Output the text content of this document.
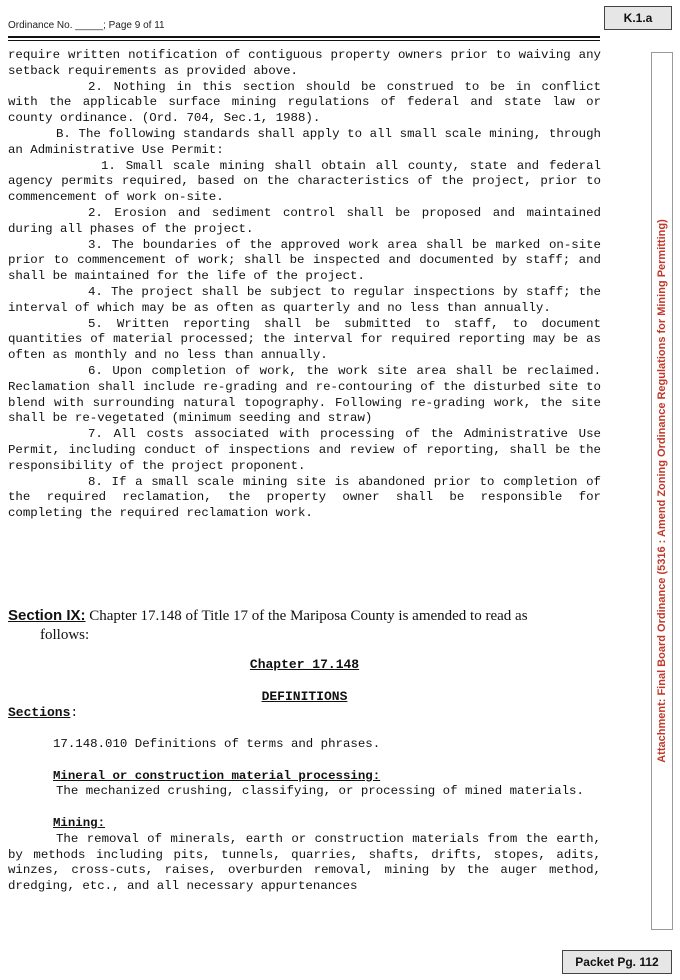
Ordinance No. _____; Page 9 of 11
K.1.a
Attachment: Final Board Ordinance (5316 : Amend Zoning Ordinance Regulations for Mining Permitting)

require written notification of contiguous property owners prior to waiving any setback requirements as provided above.

2. Nothing in this section should be construed to be in conflict with the applicable surface mining regulations of federal and state law or county ordinance. (Ord. 704, Sec.1, 1988).

B. The following standards shall apply to all small scale mining, through an Administrative Use Permit:

1. Small scale mining shall obtain all county, state and federal agency permits required, based on the characteristics of the project, prior to commencement of work on-site.

2. Erosion and sediment control shall be proposed and maintained during all phases of the project.

3. The boundaries of the approved work area shall be marked on-site prior to commencement of work; shall be inspected and documented by staff; and shall be maintained for the life of the project.

4. The project shall be subject to regular inspections by staff; the interval of which may be as often as quarterly and no less than annually.

5. Written reporting shall be submitted to staff, to document quantities of material processed; the interval for required reporting may be as often as monthly and no less than annually.

6. Upon completion of work, the work site area shall be reclaimed. Reclamation shall include re-grading and re-contouring of the disturbed site to blend with surrounding natural topography. Following re-grading work, the site shall be re-vegetated (minimum seeding and straw)

7. All costs associated with processing of the Administrative Use Permit, including conduct of inspections and review of reporting, shall be the responsibility of the project proponent.

8. If a small scale mining site is abandoned prior to completion of the required reclamation, the property owner shall be responsible for completing the required reclamation work.

Section IX: Chapter 17.148 of Title 17 of the Mariposa County is amended to read as
follows:
Chapter 17.148
DEFINITIONS
Sections:
17.148.010 Definitions of terms and phrases.
Mineral or construction material processing:

The mechanized crushing, classifying, or processing of mined materials.

Mining:

The removal of minerals, earth or construction materials from the earth, by methods including pits, tunnels, quarries, shafts, drifts, stopes, adits, winzes, cross-cuts, raises, overburden removal, mining by the auger method, dredging, etc., and all necessary appurtenances

Packet Pg. 112
